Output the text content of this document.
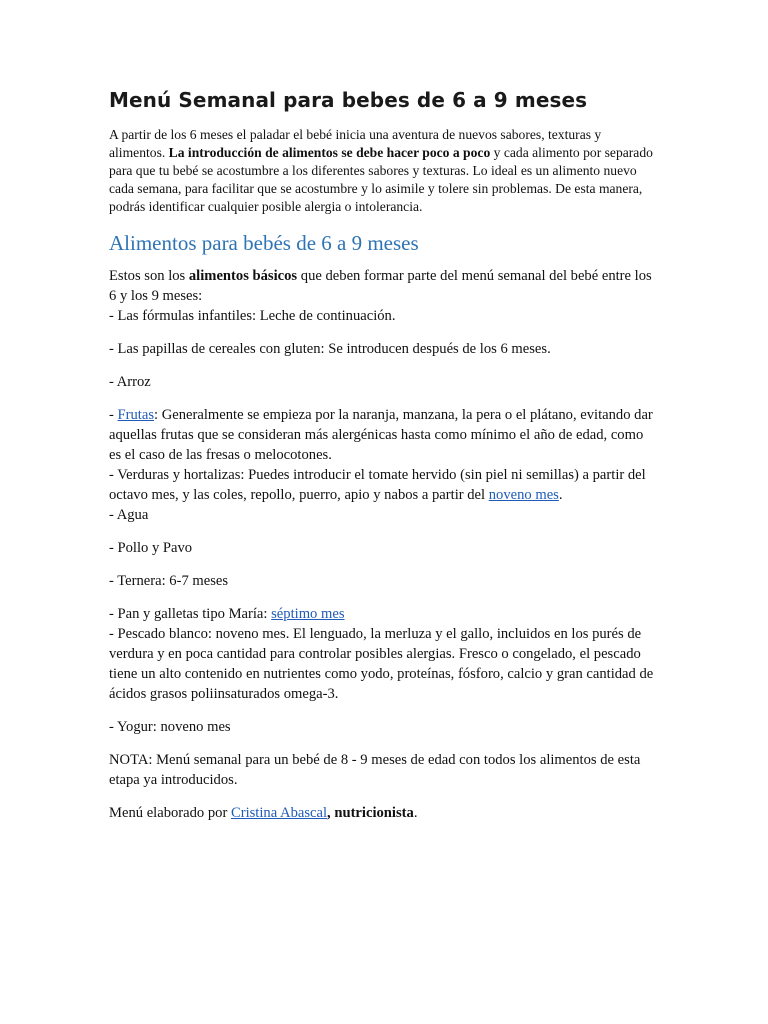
Menú Semanal para bebes de 6 a 9 meses
A partir de los 6 meses el paladar el bebé inicia una aventura de nuevos sabores, texturas y alimentos. La introducción de alimentos se debe hacer poco a poco y cada alimento por separado para que tu bebé se acostumbre a los diferentes sabores y texturas. Lo ideal es un alimento nuevo cada semana, para facilitar que se acostumbre y lo asimile y tolere sin problemas. De esta manera, podrás identificar cualquier posible alergia o intolerancia.
Alimentos para bebés de 6 a 9 meses

Estos son los alimentos básicos que deben formar parte del menú semanal del bebé entre los 6 y los 9 meses:
- Las fórmulas infantiles: Leche de continuación.

- Las papillas de cereales con gluten: Se introducen después de los 6 meses.

- Arroz

- Frutas: Generalmente se empieza por la naranja, manzana, la pera o el plátano, evitando dar aquellas frutas que se consideran más alergénicas hasta como mínimo el año de edad, como es el caso de las fresas o melocotones.
- Verduras y hortalizas: Puedes introducir el tomate hervido (sin piel ni semillas) a partir del octavo mes, y las coles, repollo, puerro, apio y nabos a partir del noveno mes.
- Agua

- Pollo y Pavo

- Ternera: 6-7 meses

- Pan y galletas tipo María: séptimo mes
- Pescado blanco: noveno mes. El lenguado, la merluza y el gallo, incluidos en los purés de verdura y en poca cantidad para controlar posibles alergias. Fresco o congelado, el pescado tiene un alto contenido en nutrientes como yodo, proteínas, fósforo, calcio y gran cantidad de ácidos grasos poliinsaturados omega-3.

- Yogur: noveno mes

NOTA: Menú semanal para un bebé de 8 - 9 meses de edad con todos los alimentos de esta etapa ya introducidos.

Menú elaborado por Cristina Abascal, nutricionista.
